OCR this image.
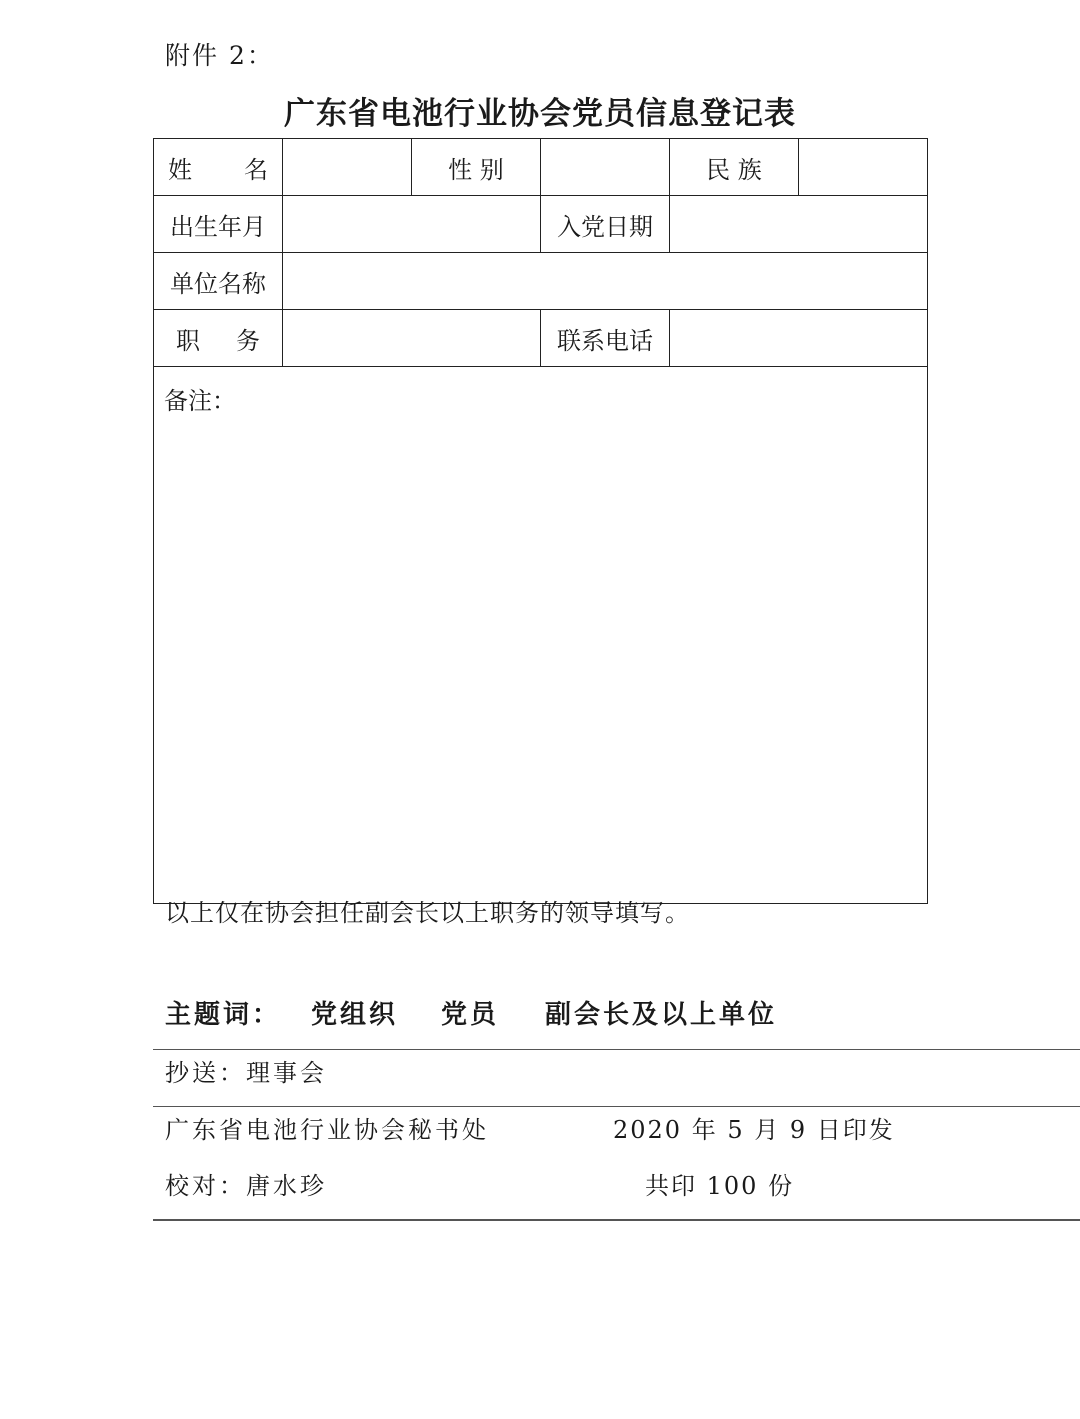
附件 2：
广东省电池行业协会党员信息登记表
姓名		性 别		民 族	
出生年月			入党日期		
单位名称					
职务			联系电话		
备注：					
以上仅在协会担任副会长以上职务的领导填写。
主题词： 党组织 党员 副会长及以上单位
抄送：理事会
广东省电池行业协会秘书处	2020 年 5 月 9 日印发
校对：唐水珍	共印 100 份
